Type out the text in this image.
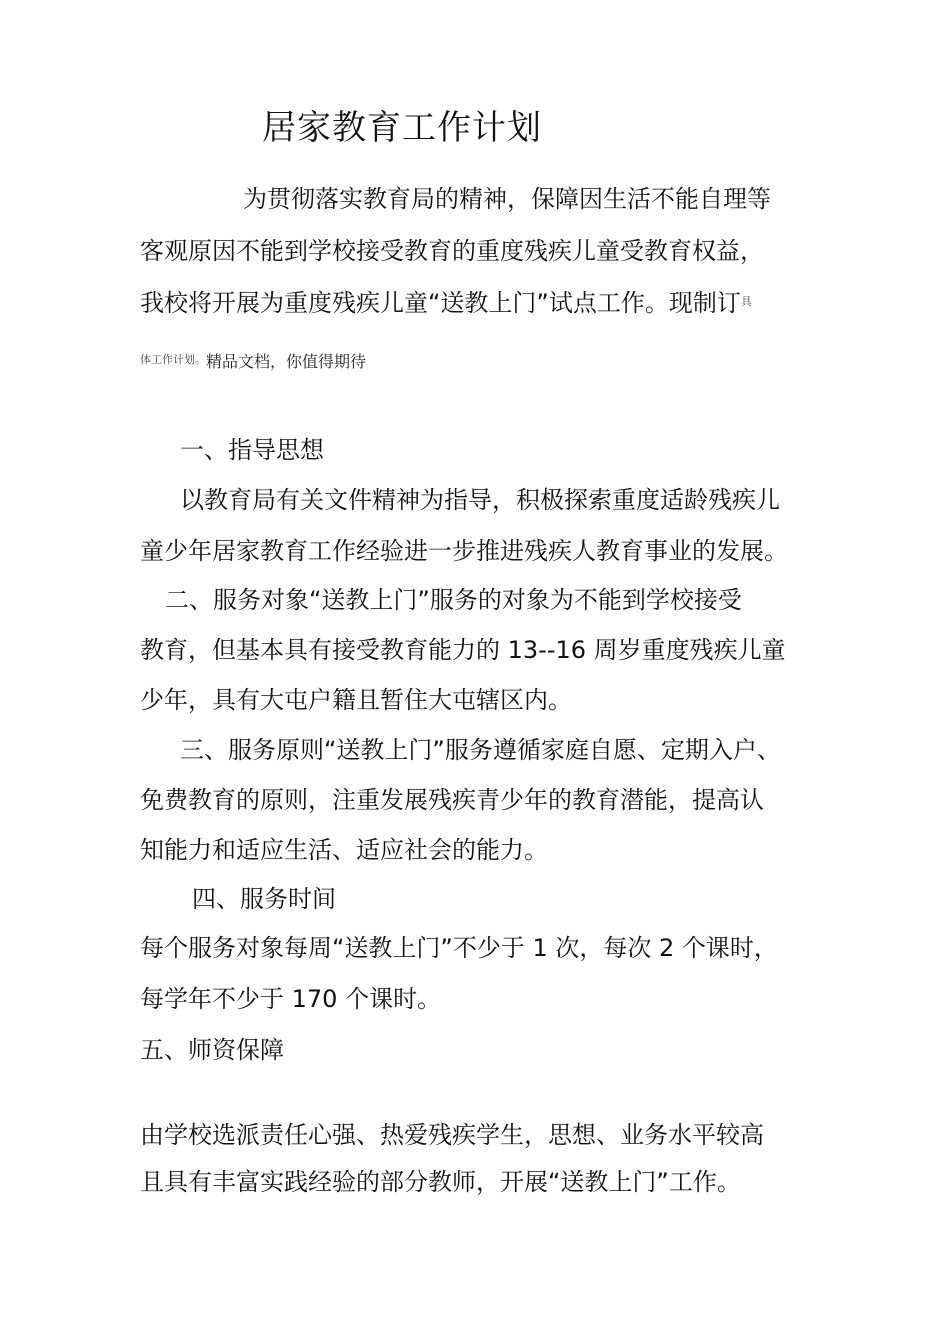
居家教育工作计划
为贯彻落实教育局的精神，保障因生活不能自理等
客观原因不能到学校接受教育的重度残疾儿童受教育权益，
我校将开展为重度残疾儿童“送教上门”试点工作。现制订$^具$
体工作计划。精品文档，你值得期待
一、指导思想
以教育局有关文件精神为指导，积极探索重度适龄残疾儿
童少年居家教育工作经验进一步推进残疾人教育事业的发展。
二、服务对象“送教上门”服务的对象为不能到学校接受
教育，但基本具有接受教育能力的 13--16 周岁重度残疾儿童
少年，具有大屯户籍且暂住大屯辖区内。
三、服务原则“送教上门”服务遵循家庭自愿、定期入户、
免费教育的原则，注重发展残疾青少年的教育潜能，提高认
知能力和适应生活、适应社会的能力。
四、服务时间
每个服务对象每周“送教上门”不少于 1 次，每次 2 个课时，
每学年不少于 170 个课时。
五、师资保障
由学校选派责任心强、热爱残疾学生，思想、业务水平较高
且具有丰富实践经验的部分教师，开展“送教上门”工作。
